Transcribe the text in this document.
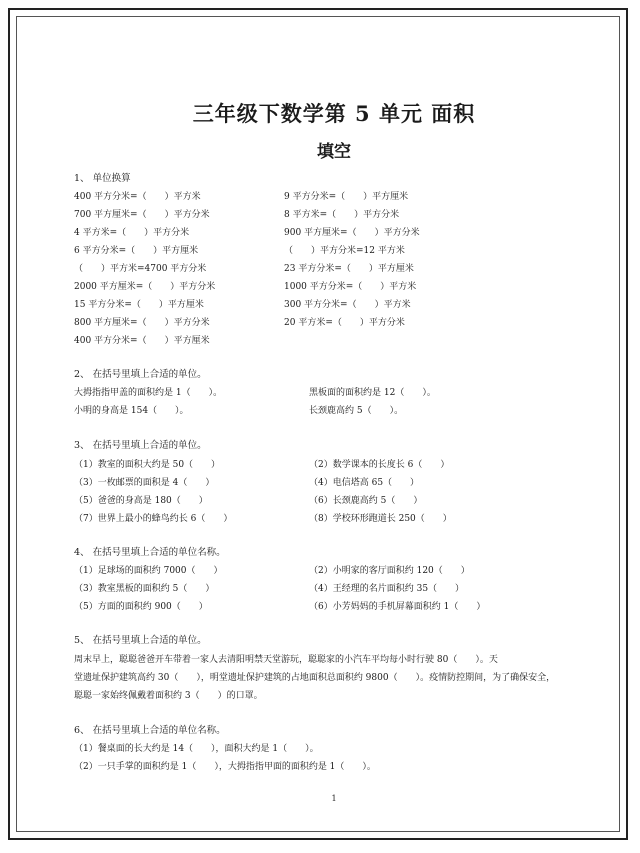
三年级下数学第 5 单元 面积
填空
1、 单位换算
400 平方分米=（　　）平方米
700 平方厘米=（　　）平方分米
4 平方米=（　　）平方分米
6 平方分米=（　　）平方厘米
（　　）平方米=4700 平方分米
2000 平方厘米=（　　）平方分米
15 平方分米=（　　）平方厘米
800 平方厘米=（　　）平方分米
400 平方分米=（　　）平方厘米
9 平方分米=（　　）平方厘米
8 平方米=（　　）平方分米
900 平方厘米=（　　）平方分米
（　　）平方分米=12 平方米
23 平方分米=（　　）平方厘米
1000 平方分米=（　　）平方米
300 平方分米=（　　）平方米
20 平方米=（　　）平方分米
2、 在括号里填上合适的单位。
大拇指指甲盖的面积约是 1（　　）。
小明的身高是 154（　　）。
黑板面的面积约是 12（　　）。
长颈鹿高约 5（　　）。
3、 在括号里填上合适的单位。
（1）教室的面积大约是 50（　　）
（3）一枚邮票的面积是 4（　　）
（5）爸爸的身高是 180（　　）
（7）世界上最小的蜂鸟约长 6（　　）
（2）数学课本的长度长 6（　　）
（4）电信塔高 65（　　）
（6）长颈鹿高约 5（　　）
（8）学校环形跑道长 250（　　）
4、 在括号里填上合适的单位名称。
（1）足球场的面积约 7000（　　）
（3）教室黑板的面积约 5（　　）
（5）方面的面积约 900（　　）
（2）小明家的客厅面积约 120（　　）
（4）王经理的名片面积约 35（　　）
（6）小芳妈妈的手机屏幕面积约 1（　　）
5、 在括号里填上合适的单位。
周末早上，聪聪爸爸开车带着一家人去清阳明禁天堂游玩，聪聪家的小汽车平均每小时行驶 80（　　）。天
堂遗址保护建筑高约 30（　　），明堂遗址保护建筑的占地面积总面积约 9800（　　）。疫情防控期间，为了确保安全，
聪聪一家始终佩戴着面积约 3（　　）的口罩。
6、 在括号里填上合适的单位名称。
（1）餐桌面的长大约是 14（　　），面积大约是 1（　　）。
（2）一只手掌的面积约是 1（　　），大拇指指甲面的面积约是 1（　　）。
1
